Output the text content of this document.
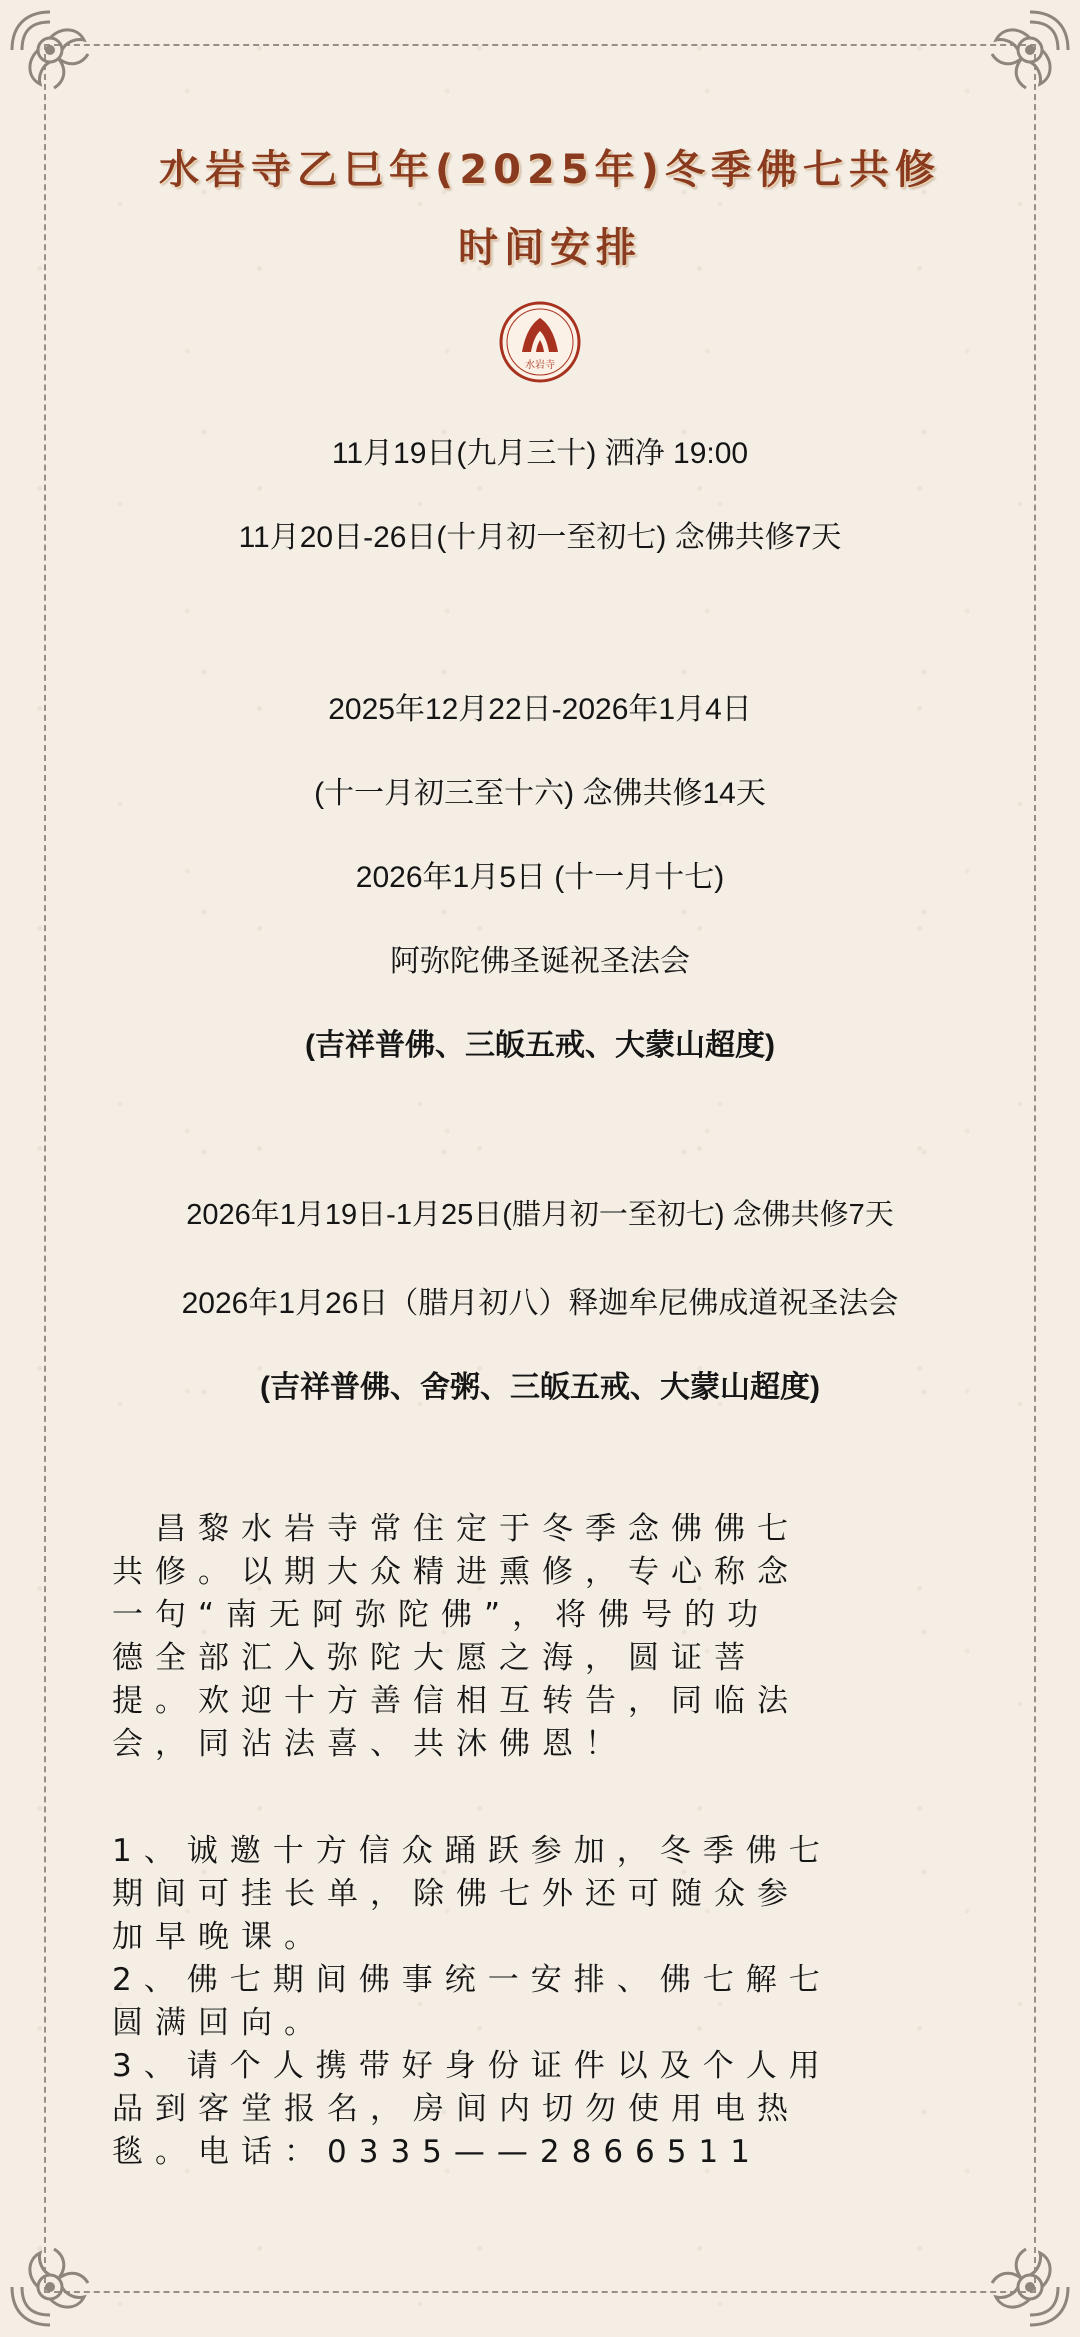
水岩寺乙巳年(2025年)冬季佛七共修
时间安排
水岩寺
11月19日(九月三十) 洒净 19:00
11月20日-26日(十月初一至初七) 念佛共修7天
2025年12月22日-2026年1月4日
(十一月初三至十六) 念佛共修14天
2026年1月5日 (十一月十七)
阿弥陀佛圣诞祝圣法会
(吉祥普佛、三皈五戒、大蒙山超度)
2026年1月19日-1月25日(腊月初一至初七) 念佛共修7天
2026年1月26日（腊月初八）释迦牟尼佛成道祝圣法会
(吉祥普佛、舍粥、三皈五戒、大蒙山超度)
　昌黎水岩寺常住定于冬季念佛佛七
共修。以期大众精进熏修，专心称念
一句“南无阿弥陀佛”，将佛号的功
德全部汇入弥陀大愿之海，圆证菩
提。欢迎十方善信相互转告，同临法
会，同沾法喜、共沐佛恩！
1、诚邀十方信众踊跃参加，冬季佛七
期间可挂长单，除佛七外还可随众参
加早晚课。
2、佛七期间佛事统一安排、佛七解七
圆满回向。
3、请个人携带好身份证件以及个人用
品到客堂报名，房间内切勿使用电热
毯。电话：0335——2866511
